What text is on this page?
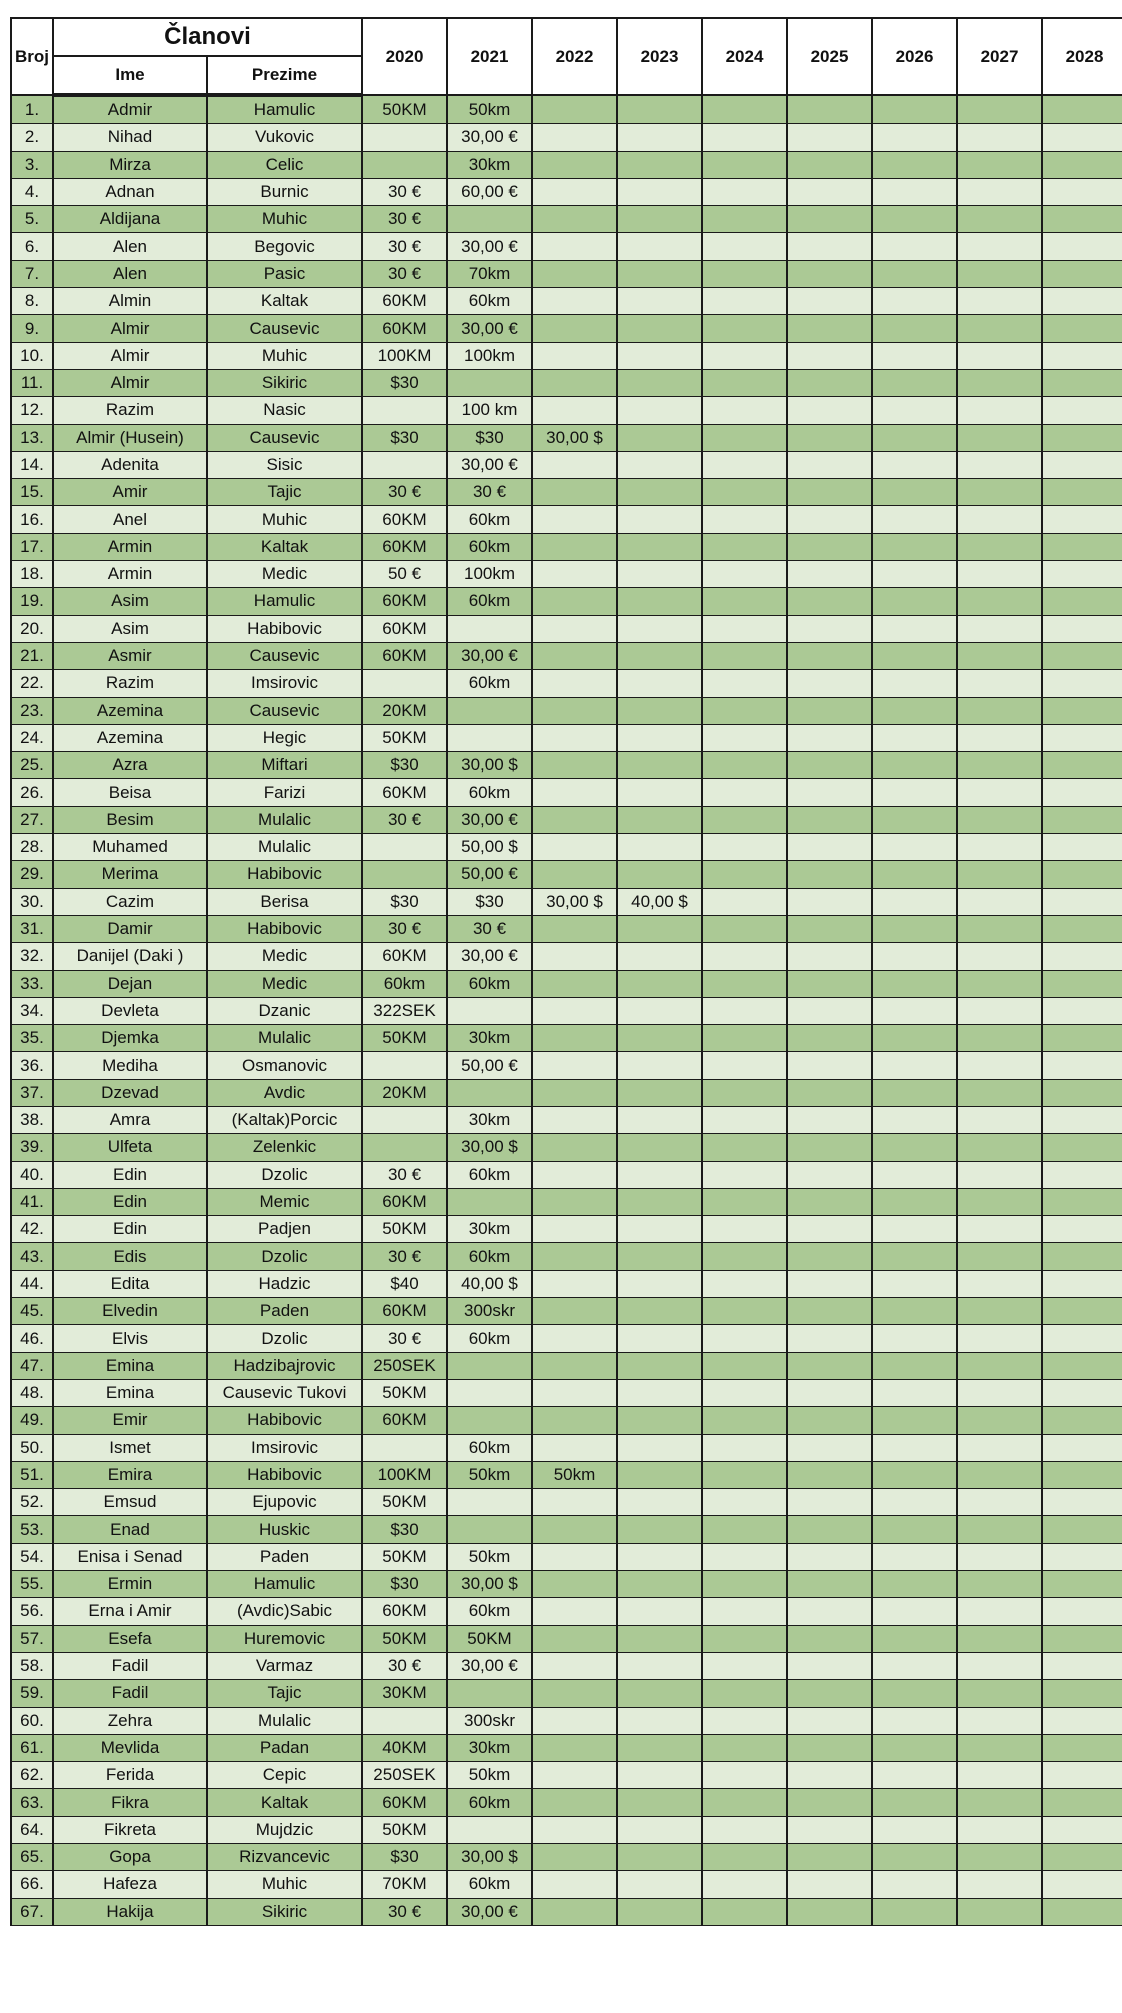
Broj	Članovi		2020	2021	2022	2023	2024	2025	2026	2027	2028
	Ime	Prezime									
1.	Admir	Hamulic	50KM	50km							
2.	Nihad	Vukovic		30,00 €							
3.	Mirza	Celic		30km							
4.	Adnan	Burnic	30 €	60,00 €							
5.	Aldijana	Muhic	30 €								
6.	Alen	Begovic	30 €	30,00 €							
7.	Alen	Pasic	30 €	70km							
8.	Almin	Kaltak	60KM	60km							
9.	Almir	Causevic	60KM	30,00 €							
10.	Almir	Muhic	100KM	100km							
11.	Almir	Sikiric	$30								
12.	Razim	Nasic		100 km							
13.	Almir (Husein)	Causevic	$30	$30	30,00 $						
14.	Adenita	Sisic		30,00 €							
15.	Amir	Tajic	30 €	30 €							
16.	Anel	Muhic	60KM	60km							
17.	Armin	Kaltak	60KM	60km							
18.	Armin	Medic	50 €	100km							
19.	Asim	Hamulic	60KM	60km							
20.	Asim	Habibovic	60KM								
21.	Asmir	Causevic	60KM	30,00 €							
22.	Razim	Imsirovic		60km							
23.	Azemina	Causevic	20KM								
24.	Azemina	Hegic	50KM								
25.	Azra	Miftari	$30	30,00 $							
26.	Beisa	Farizi	60KM	60km							
27.	Besim	Mulalic	30 €	30,00 €							
28.	Muhamed	Mulalic		50,00 $							
29.	Merima	Habibovic		50,00 €							
30.	Cazim	Berisa	$30	$30	30,00 $	40,00 $					
31.	Damir	Habibovic	30 €	30 €							
32.	Danijel (Daki )	Medic	60KM	30,00 €							
33.	Dejan	Medic	60km	60km							
34.	Devleta	Dzanic	322SEK								
35.	Djemka	Mulalic	50KM	30km							
36.	Mediha	Osmanovic		50,00 €							
37.	Dzevad	Avdic	20KM								
38.	Amra	(Kaltak)Porcic		30km							
39.	Ulfeta	Zelenkic		30,00 $							
40.	Edin	Dzolic	30 €	60km							
41.	Edin	Memic	60KM								
42.	Edin	Padjen	50KM	30km							
43.	Edis	Dzolic	30 €	60km							
44.	Edita	Hadzic	$40	40,00 $							
45.	Elvedin	Paden	60KM	300skr							
46.	Elvis	Dzolic	30 €	60km							
47.	Emina	Hadzibajrovic	250SEK								
48.	Emina	Causevic Tukovi	50KM								
49.	Emir	Habibovic	60KM								
50.	Ismet	Imsirovic		60km							
51.	Emira	Habibovic	100KM	50km	50km						
52.	Emsud	Ejupovic	50KM								
53.	Enad	Huskic	$30								
54.	Enisa i Senad	Paden	50KM	50km							
55.	Ermin	Hamulic	$30	30,00 $							
56.	Erna i Amir	(Avdic)Sabic	60KM	60km							
57.	Esefa	Huremovic	50KM	50KM							
58.	Fadil	Varmaz	30 €	30,00 €							
59.	Fadil	Tajic	30KM								
60.	Zehra	Mulalic		300skr							
61.	Mevlida	Padan	40KM	30km							
62.	Ferida	Cepic	250SEK	50km							
63.	Fikra	Kaltak	60KM	60km							
64.	Fikreta	Mujdzic	50KM								
65.	Gopa	Rizvancevic	$30	30,00 $							
66.	Hafeza	Muhic	70KM	60km							
67.	Hakija	Sikiric	30 €	30,00 €							
